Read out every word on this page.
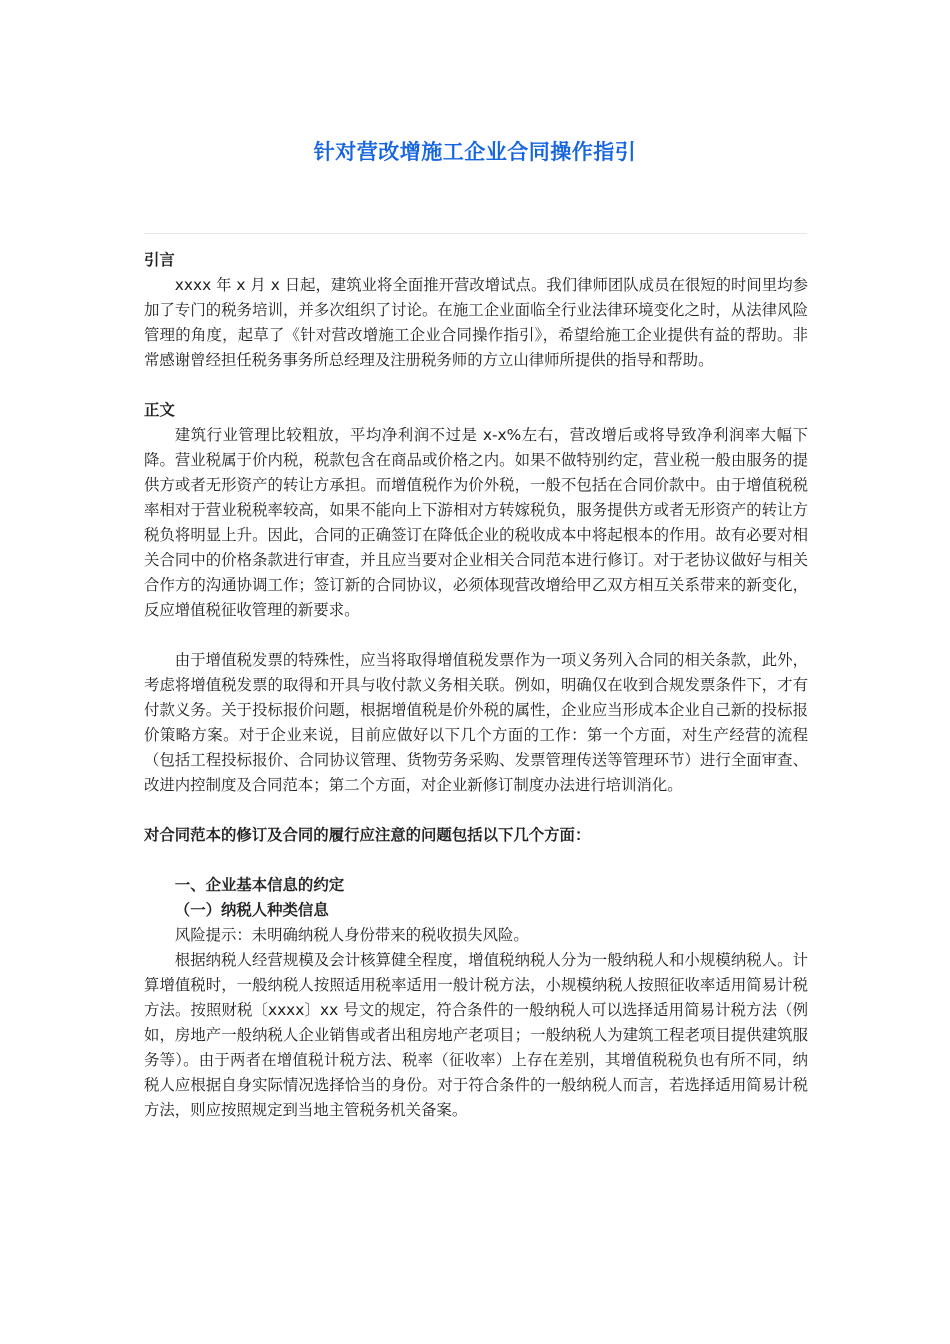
针对营改增施工企业合同操作指引

引言

xxxx 年 x 月 x 日起，建筑业将全面推开营改增试点。我们律师团队成员在很短的时间里均参加了专门的税务培训，并多次组织了讨论。在施工企业面临全行业法律环境变化之时，从法律风险管理的角度，起草了《针对营改增施工企业合同操作指引》，希望给施工企业提供有益的帮助。非常感谢曾经担任税务事务所总经理及注册税务师的方立山律师所提供的指导和帮助。

正文

建筑行业管理比较粗放，平均净利润不过是 x-x%左右，营改增后或将导致净利润率大幅下降。营业税属于价内税，税款包含在商品或价格之内。如果不做特别约定，营业税一般由服务的提供方或者无形资产的转让方承担。而增值税作为价外税，一般不包括在合同价款中。由于增值税税率相对于营业税税率较高，如果不能向上下游相对方转嫁税负，服务提供方或者无形资产的转让方税负将明显上升。因此，合同的正确签订在降低企业的税收成本中将起根本的作用。故有必要对相关合同中的价格条款进行审查，并且应当要对企业相关合同范本进行修订。对于老协议做好与相关合作方的沟通协调工作；签订新的合同协议，必须体现营改增给甲乙双方相互关系带来的新变化，反应增值税征收管理的新要求。

由于增值税发票的特殊性，应当将取得增值税发票作为一项义务列入合同的相关条款，此外，考虑将增值税发票的取得和开具与收付款义务相关联。例如，明确仅在收到合规发票条件下，才有付款义务。关于投标报价问题，根据增值税是价外税的属性，企业应当形成本企业自己新的投标报价策略方案。对于企业来说，目前应做好以下几个方面的工作：第一个方面，对生产经营的流程（包括工程投标报价、合同协议管理、货物劳务采购、发票管理传送等管理环节）进行全面审查、改进内控制度及合同范本；第二个方面，对企业新修订制度办法进行培训消化。

对合同范本的修订及合同的履行应注意的问题包括以下几个方面：

一、企业基本信息的约定

（一）纳税人种类信息

风险提示：未明确纳税人身份带来的税收损失风险。

根据纳税人经营规模及会计核算健全程度，增值税纳税人分为一般纳税人和小规模纳税人。计算增值税时，一般纳税人按照适用税率适用一般计税方法，小规模纳税人按照征收率适用简易计税方法。按照财税〔xxxx〕xx 号文的规定，符合条件的一般纳税人可以选择适用简易计税方法（例如，房地产一般纳税人企业销售或者出租房地产老项目；一般纳税人为建筑工程老项目提供建筑服务等）。由于两者在增值税计税方法、税率（征收率）上存在差别，其增值税税负也有所不同，纳税人应根据自身实际情况选择恰当的身份。对于符合条件的一般纳税人而言，若选择适用简易计税方法，则应按照规定到当地主管税务机关备案。
